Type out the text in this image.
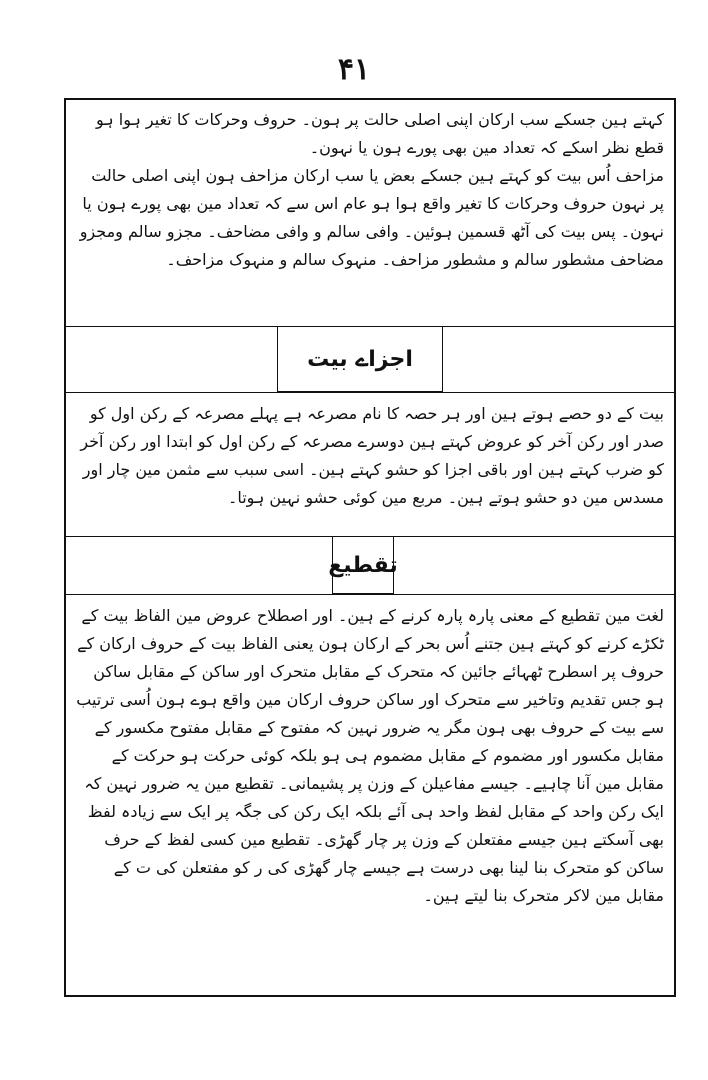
۴۱

کہتے ہین جسکے سب ارکان اپنی اصلی حالت پر ہون۔ حروف وحرکات کا تغیر ہوا ہو قطع نظر اسکے کہ تعداد مین بھی پورے ہون یا نہون۔

مزاحف اُس بیت کو کہتے ہین جسکے بعض یا سب ارکان مزاحف ہون اپنی اصلی حالت پر نہون حروف وحرکات کا تغیر واقع ہوا ہو عام اس سے کہ تعداد مین بھی پورے ہون یا نہون۔ پس بیت کی آٹھ قسمین ہوئین۔ وافی سالم و وافی مضاحف۔ مجزو سالم ومجزو مضاحف مشطور سالم و مشطور مزاحف۔ منہوک سالم و منہوک مزاحف۔

اجزاے بیت

بیت کے دو حصے ہوتے ہین اور ہر حصہ کا نام مصرعہ ہے پہلے مصرعہ کے رکن اول کو صدر اور رکن آخر کو عروض کہتے ہین دوسرے مصرعہ کے رکن اول کو ابتدا اور رکن آخر کو ضرب کہتے ہین اور باقی اجزا کو حشو کہتے ہین۔ اسی سبب سے مثمن مین چار اور مسدس مین دو حشو ہوتے ہین۔ مربع مین کوئی حشو نہین ہوتا۔

تقطیع

لغت مین تقطیع کے معنی پارہ پارہ کرنے کے ہین۔ اور اصطلاح عروض مین الفاظ بیت کے ٹکڑے کرنے کو کہتے ہین جتنے اُس بحر کے ارکان ہون یعنی الفاظ بیت کے حروف ارکان کے حروف پر اسطرح ٹھہائے جائین کہ متحرک کے مقابل متحرک اور ساکن کے مقابل ساکن ہو جس تقدیم وتاخیر سے متحرک اور ساکن حروف ارکان مین واقع ہوے ہون اُسی ترتیب سے بیت کے حروف بھی ہون مگر یہ ضرور نہین کہ مفتوح کے مقابل مفتوح مکسور کے مقابل مکسور اور مضموم کے مقابل مضموم ہی ہو بلکہ کوئی حرکت ہو حرکت کے مقابل مین آنا چاہیے۔ جیسے مفاعیلن کے وزن پر پشیمانی۔ تقطیع مین یہ ضرور نہین کہ ایک رکن واحد کے مقابل لفظ واحد ہی آئے بلکہ ایک رکن کی جگہ پر ایک سے زیادہ لفظ بھی آسکتے ہین جیسے مفتعلن کے وزن پر چار گھڑی۔ تقطیع مین کسی لفظ کے حرف ساکن کو متحرک بنا لینا بھی درست ہے جیسے چار گھڑی کی ر کو مفتعلن کی ت کے مقابل مین لاکر متحرک بنا لیتے ہین۔
